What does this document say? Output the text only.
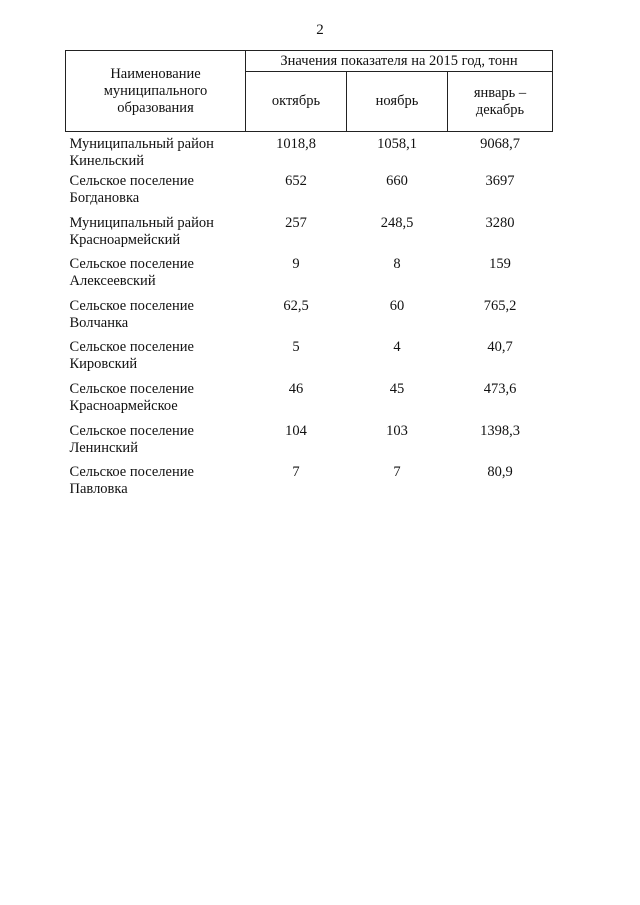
2
Наименование
муниципального
образования	Значения показателя на 2015 год, тонн		
	октябрь	ноябрь	январь –
декабрь

Муниципальный район
Кинельский	1018,8	1058,1	9068,7

Сельское поселение
Богдановка	652	660	3697

Муниципальный район
Красноармейский	257	248,5	3280

Сельское поселение
Алексеевский	9	8	159

Сельское поселение
Волчанка	62,5	60	765,2

Сельское поселение
Кировский	5	4	40,7

Сельское поселение
Красноармейское	46	45	473,6

Сельское поселение
Ленинский	104	103	1398,3

Сельское поселение
Павловка	7	7	80,9
